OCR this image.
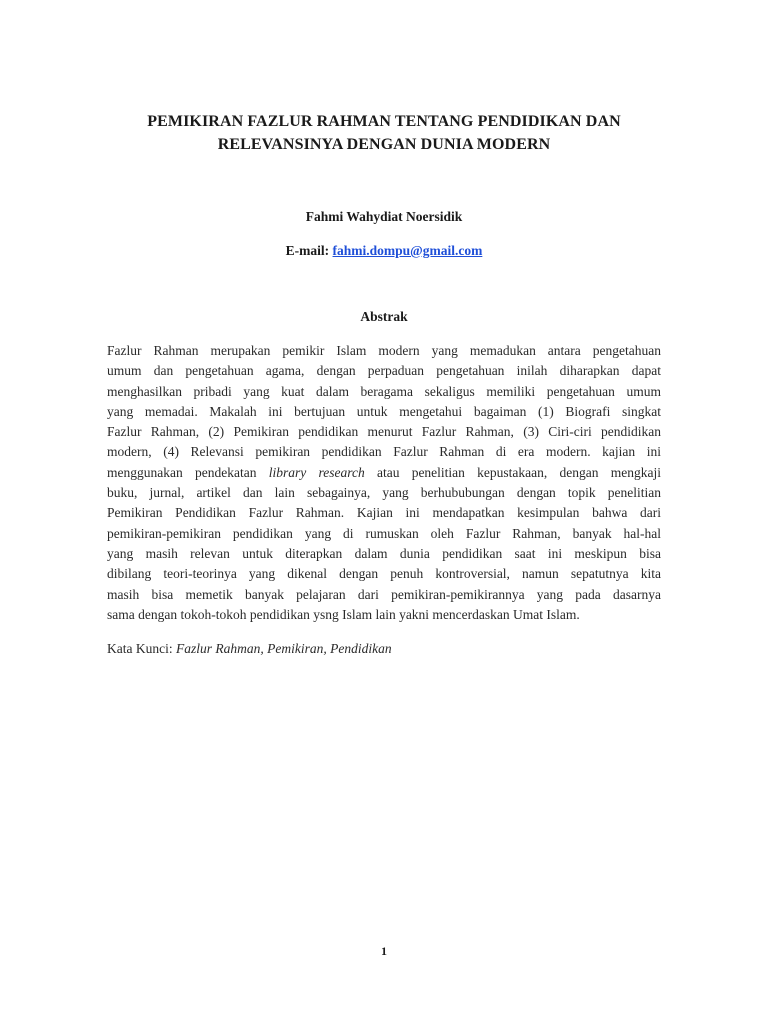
PEMIKIRAN FAZLUR RAHMAN TENTANG PENDIDIKAN DAN
RELEVANSINYA DENGAN DUNIA MODERN
Fahmi Wahydiat Noersidik
E-mail: fahmi.dompu@gmail.com
Abstrak
Fazlur Rahman merupakan pemikir Islam modern yang memadukan antara pengetahuan
umum dan pengetahuan agama, dengan perpaduan pengetahuan inilah diharapkan dapat
menghasilkan pribadi yang kuat dalam beragama sekaligus memiliki pengetahuan umum
yang memadai. Makalah ini bertujuan untuk mengetahui bagaiman (1) Biografi singkat
Fazlur Rahman, (2) Pemikiran pendidikan menurut Fazlur Rahman, (3) Ciri-ciri pendidikan
modern, (4) Relevansi pemikiran pendidikan Fazlur Rahman di era modern. kajian ini
menggunakan pendekatan library research atau penelitian kepustakaan, dengan mengkaji
buku, jurnal, artikel dan lain sebagainya, yang berhububungan dengan topik penelitian
Pemikiran Pendidikan Fazlur Rahman. Kajian ini mendapatkan kesimpulan bahwa dari
pemikiran-pemikiran pendidikan yang di rumuskan oleh Fazlur Rahman, banyak hal-hal
yang masih relevan untuk diterapkan dalam dunia pendidikan saat ini meskipun bisa
dibilang teori-teorinya yang dikenal dengan penuh kontroversial, namun sepatutnya kita
masih bisa memetik banyak pelajaran dari pemikiran-pemikirannya yang pada dasarnya
sama dengan tokoh-tokoh pendidikan ysng Islam lain yakni mencerdaskan Umat Islam.
Kata Kunci: Fazlur Rahman, Pemikiran, Pendidikan
1
